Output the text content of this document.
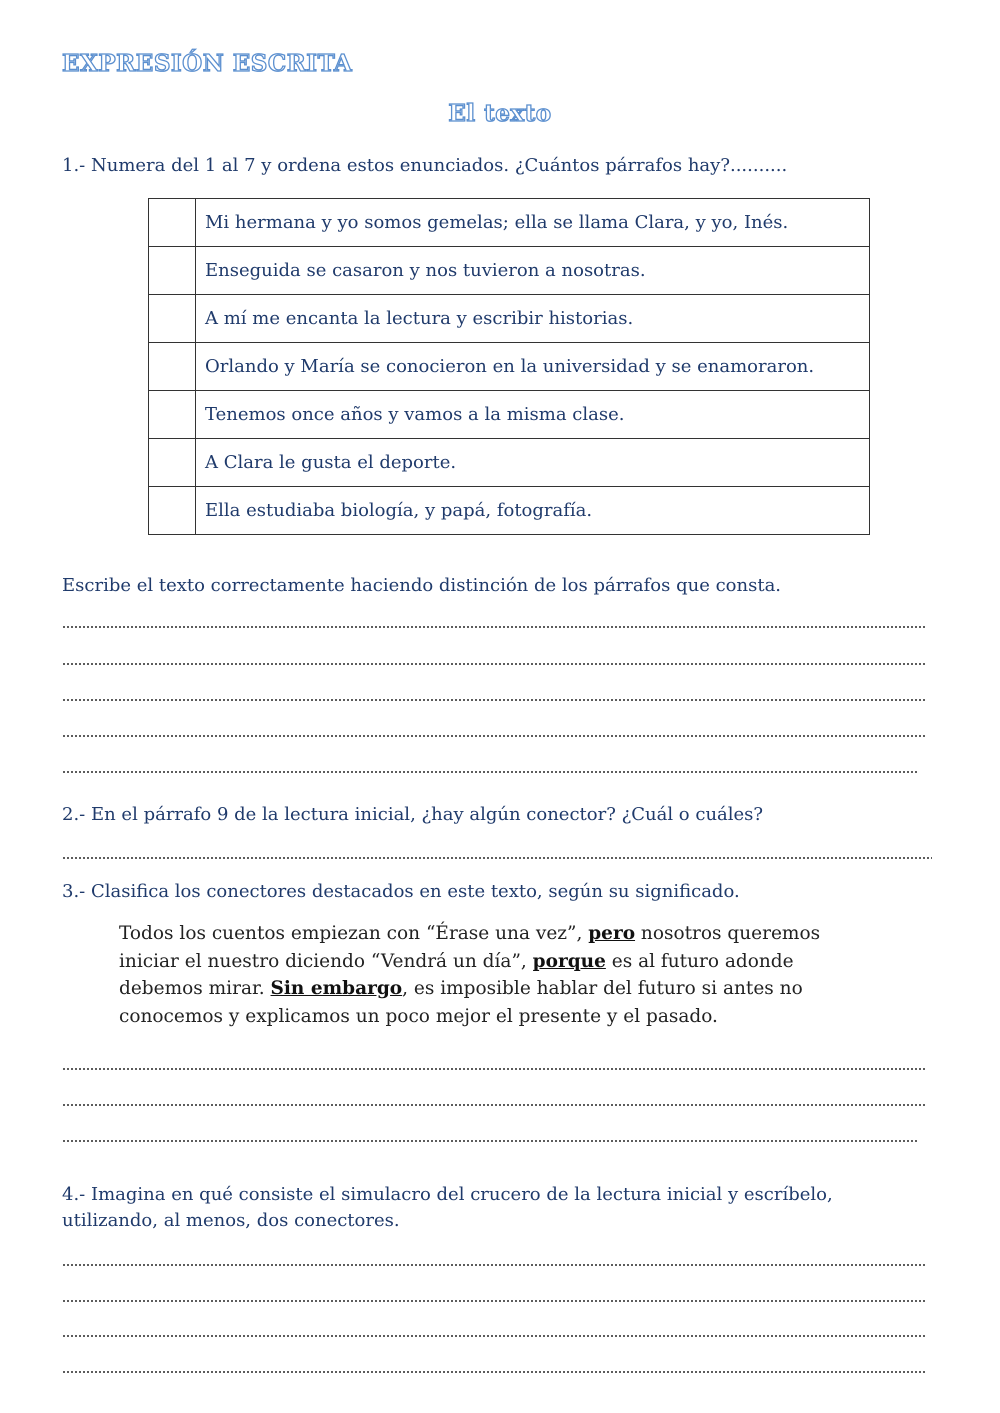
EXPRESIÓN ESCRITA
El texto
1.- Numera del 1 al 7 y ordena estos enunciados. ¿Cuántos párrafos hay?..........
	Mi hermana y yo somos gemelas; ella se llama Clara, y yo, Inés.
	Enseguida se casaron y nos tuvieron a nosotras.
	A mí me encanta la lectura y escribir historias.
	Orlando y María se conocieron en la universidad y se enamoraron.
	Tenemos once años y vamos a la misma clase.
	A Clara le gusta el deporte.
	Ella estudiaba biología, y papá, fotografía.
Escribe el texto correctamente haciendo distinción de los párrafos que consta.
2.- En el párrafo 9 de la lectura inicial, ¿hay algún conector? ¿Cuál o cuáles?
3.- Clasifica los conectores destacados en este texto, según su significado.
Todos los cuentos empiezan con “Érase una vez”, pero nosotros queremos iniciar el nuestro diciendo “Vendrá un día”, porque es al futuro adonde debemos mirar. Sin embargo, es imposible hablar del futuro si antes no conocemos y explicamos un poco mejor el presente y el pasado.
4.- Imagina en qué consiste el simulacro del crucero de la lectura inicial y escríbelo, utilizando, al menos, dos conectores.
